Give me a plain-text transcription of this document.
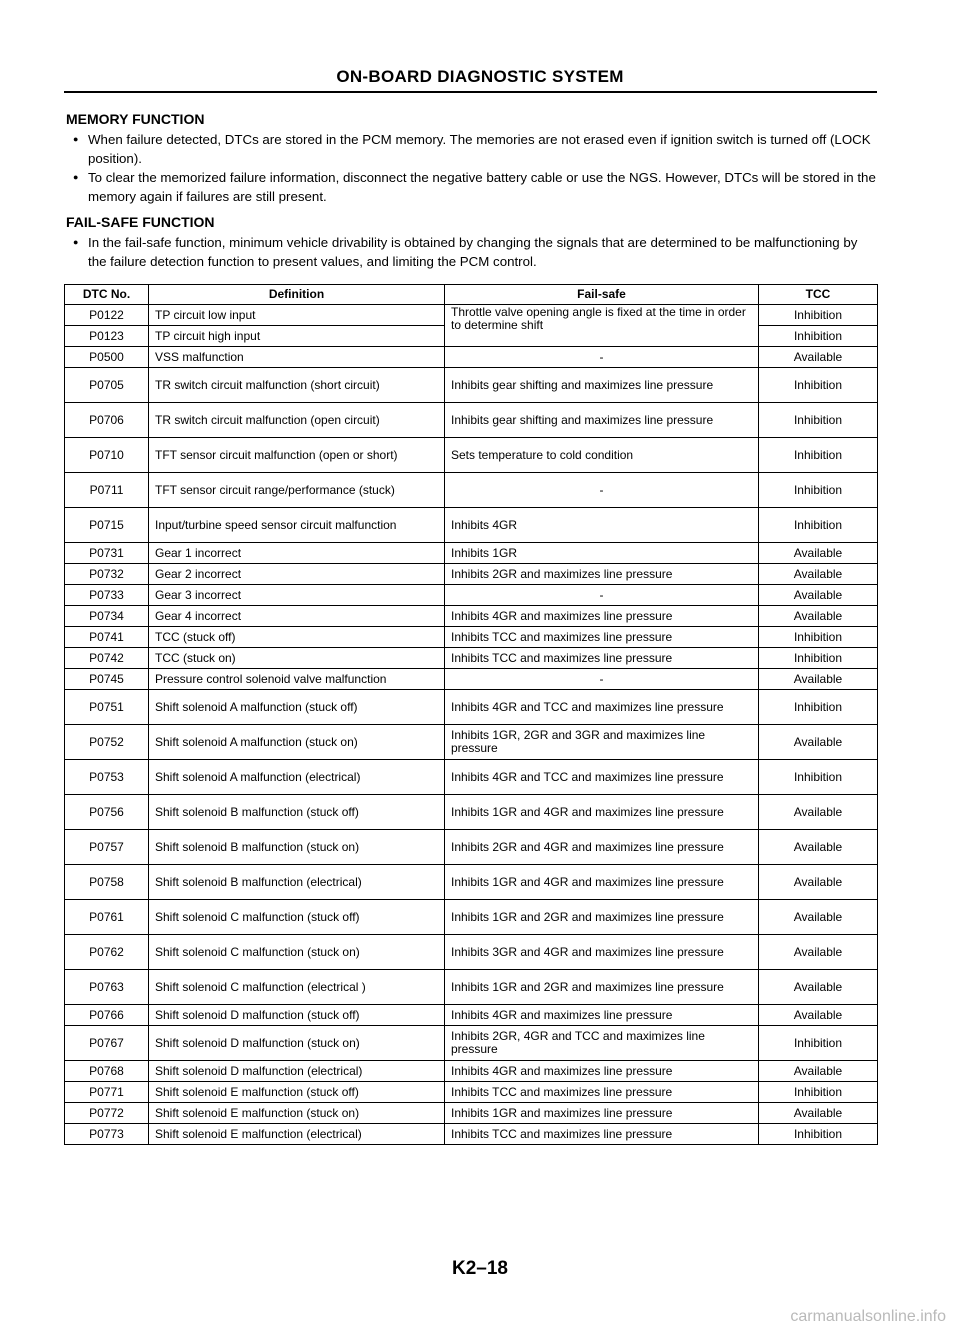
ON-BOARD DIAGNOSTIC SYSTEM
MEMORY FUNCTION
● When failure detected, DTCs are stored in the PCM memory. The memories are not erased even if ignition switch is turned off (LOCK position).
● To clear the memorized failure information, disconnect the negative battery cable or use the NGS. However, DTCs will be stored in the memory again if failures are still present.
FAIL-SAFE FUNCTION
● In the fail-safe function, minimum vehicle drivability is obtained by changing the signals that are determined to be malfunctioning by the failure detection function to present values, and limiting the PCM control.
DTC No.	Definition	Fail-safe	TCC
P0122	TP circuit low input	Throttle valve opening angle is fixed at the time in order to determine shift	Inhibition
P0123	TP circuit high input		Inhibition
P0500	VSS malfunction	-	Available
P0705	TR switch circuit malfunction (short circuit)	Inhibits gear shifting and maximizes line pressure	Inhibition
P0706	TR switch circuit malfunction (open circuit)	Inhibits gear shifting and maximizes line pressure	Inhibition
P0710	TFT sensor circuit malfunction (open or short)	Sets temperature to cold condition	Inhibition
P0711	TFT sensor circuit range/performance (stuck)	-	Inhibition
P0715	Input/turbine speed sensor circuit malfunction	Inhibits 4GR	Inhibition
P0731	Gear 1 incorrect	Inhibits 1GR	Available
P0732	Gear 2 incorrect	Inhibits 2GR and maximizes line pressure	Available
P0733	Gear 3 incorrect	-	Available
P0734	Gear 4 incorrect	Inhibits 4GR and maximizes line pressure	Available
P0741	TCC (stuck off)	Inhibits TCC and maximizes line pressure	Inhibition
P0742	TCC (stuck on)	Inhibits TCC and maximizes line pressure	Inhibition
P0745	Pressure control solenoid valve malfunction	-	Available
P0751	Shift solenoid A malfunction (stuck off)	Inhibits 4GR and TCC and maximizes line pressure	Inhibition
P0752	Shift solenoid A malfunction (stuck on)	Inhibits 1GR, 2GR and 3GR and maximizes line pressure	Available
P0753	Shift solenoid A malfunction (electrical)	Inhibits 4GR and TCC and maximizes line pressure	Inhibition
P0756	Shift solenoid B malfunction (stuck off)	Inhibits 1GR and 4GR and maximizes line pressure	Available
P0757	Shift solenoid B malfunction (stuck on)	Inhibits 2GR and 4GR and maximizes line pressure	Available
P0758	Shift solenoid B malfunction (electrical)	Inhibits 1GR and 4GR and maximizes line pressure	Available
P0761	Shift solenoid C malfunction (stuck off)	Inhibits 1GR and 2GR and maximizes line pressure	Available
P0762	Shift solenoid C malfunction (stuck on)	Inhibits 3GR and 4GR and maximizes line pressure	Available
P0763	Shift solenoid C malfunction (electrical )	Inhibits 1GR and 2GR and maximizes line pressure	Available
P0766	Shift solenoid D malfunction (stuck off)	Inhibits 4GR and maximizes line pressure	Available
P0767	Shift solenoid D malfunction (stuck on)	Inhibits 2GR, 4GR and TCC and maximizes line pressure	Inhibition
P0768	Shift solenoid D malfunction (electrical)	Inhibits 4GR and maximizes line pressure	Available
P0771	Shift solenoid E malfunction (stuck off)	Inhibits TCC and maximizes line pressure	Inhibition
P0772	Shift solenoid E malfunction (stuck on)	Inhibits 1GR and maximizes line pressure	Available
P0773	Shift solenoid E malfunction (electrical)	Inhibits TCC and maximizes line pressure	Inhibition
K2–18
carmanualsonline.info
